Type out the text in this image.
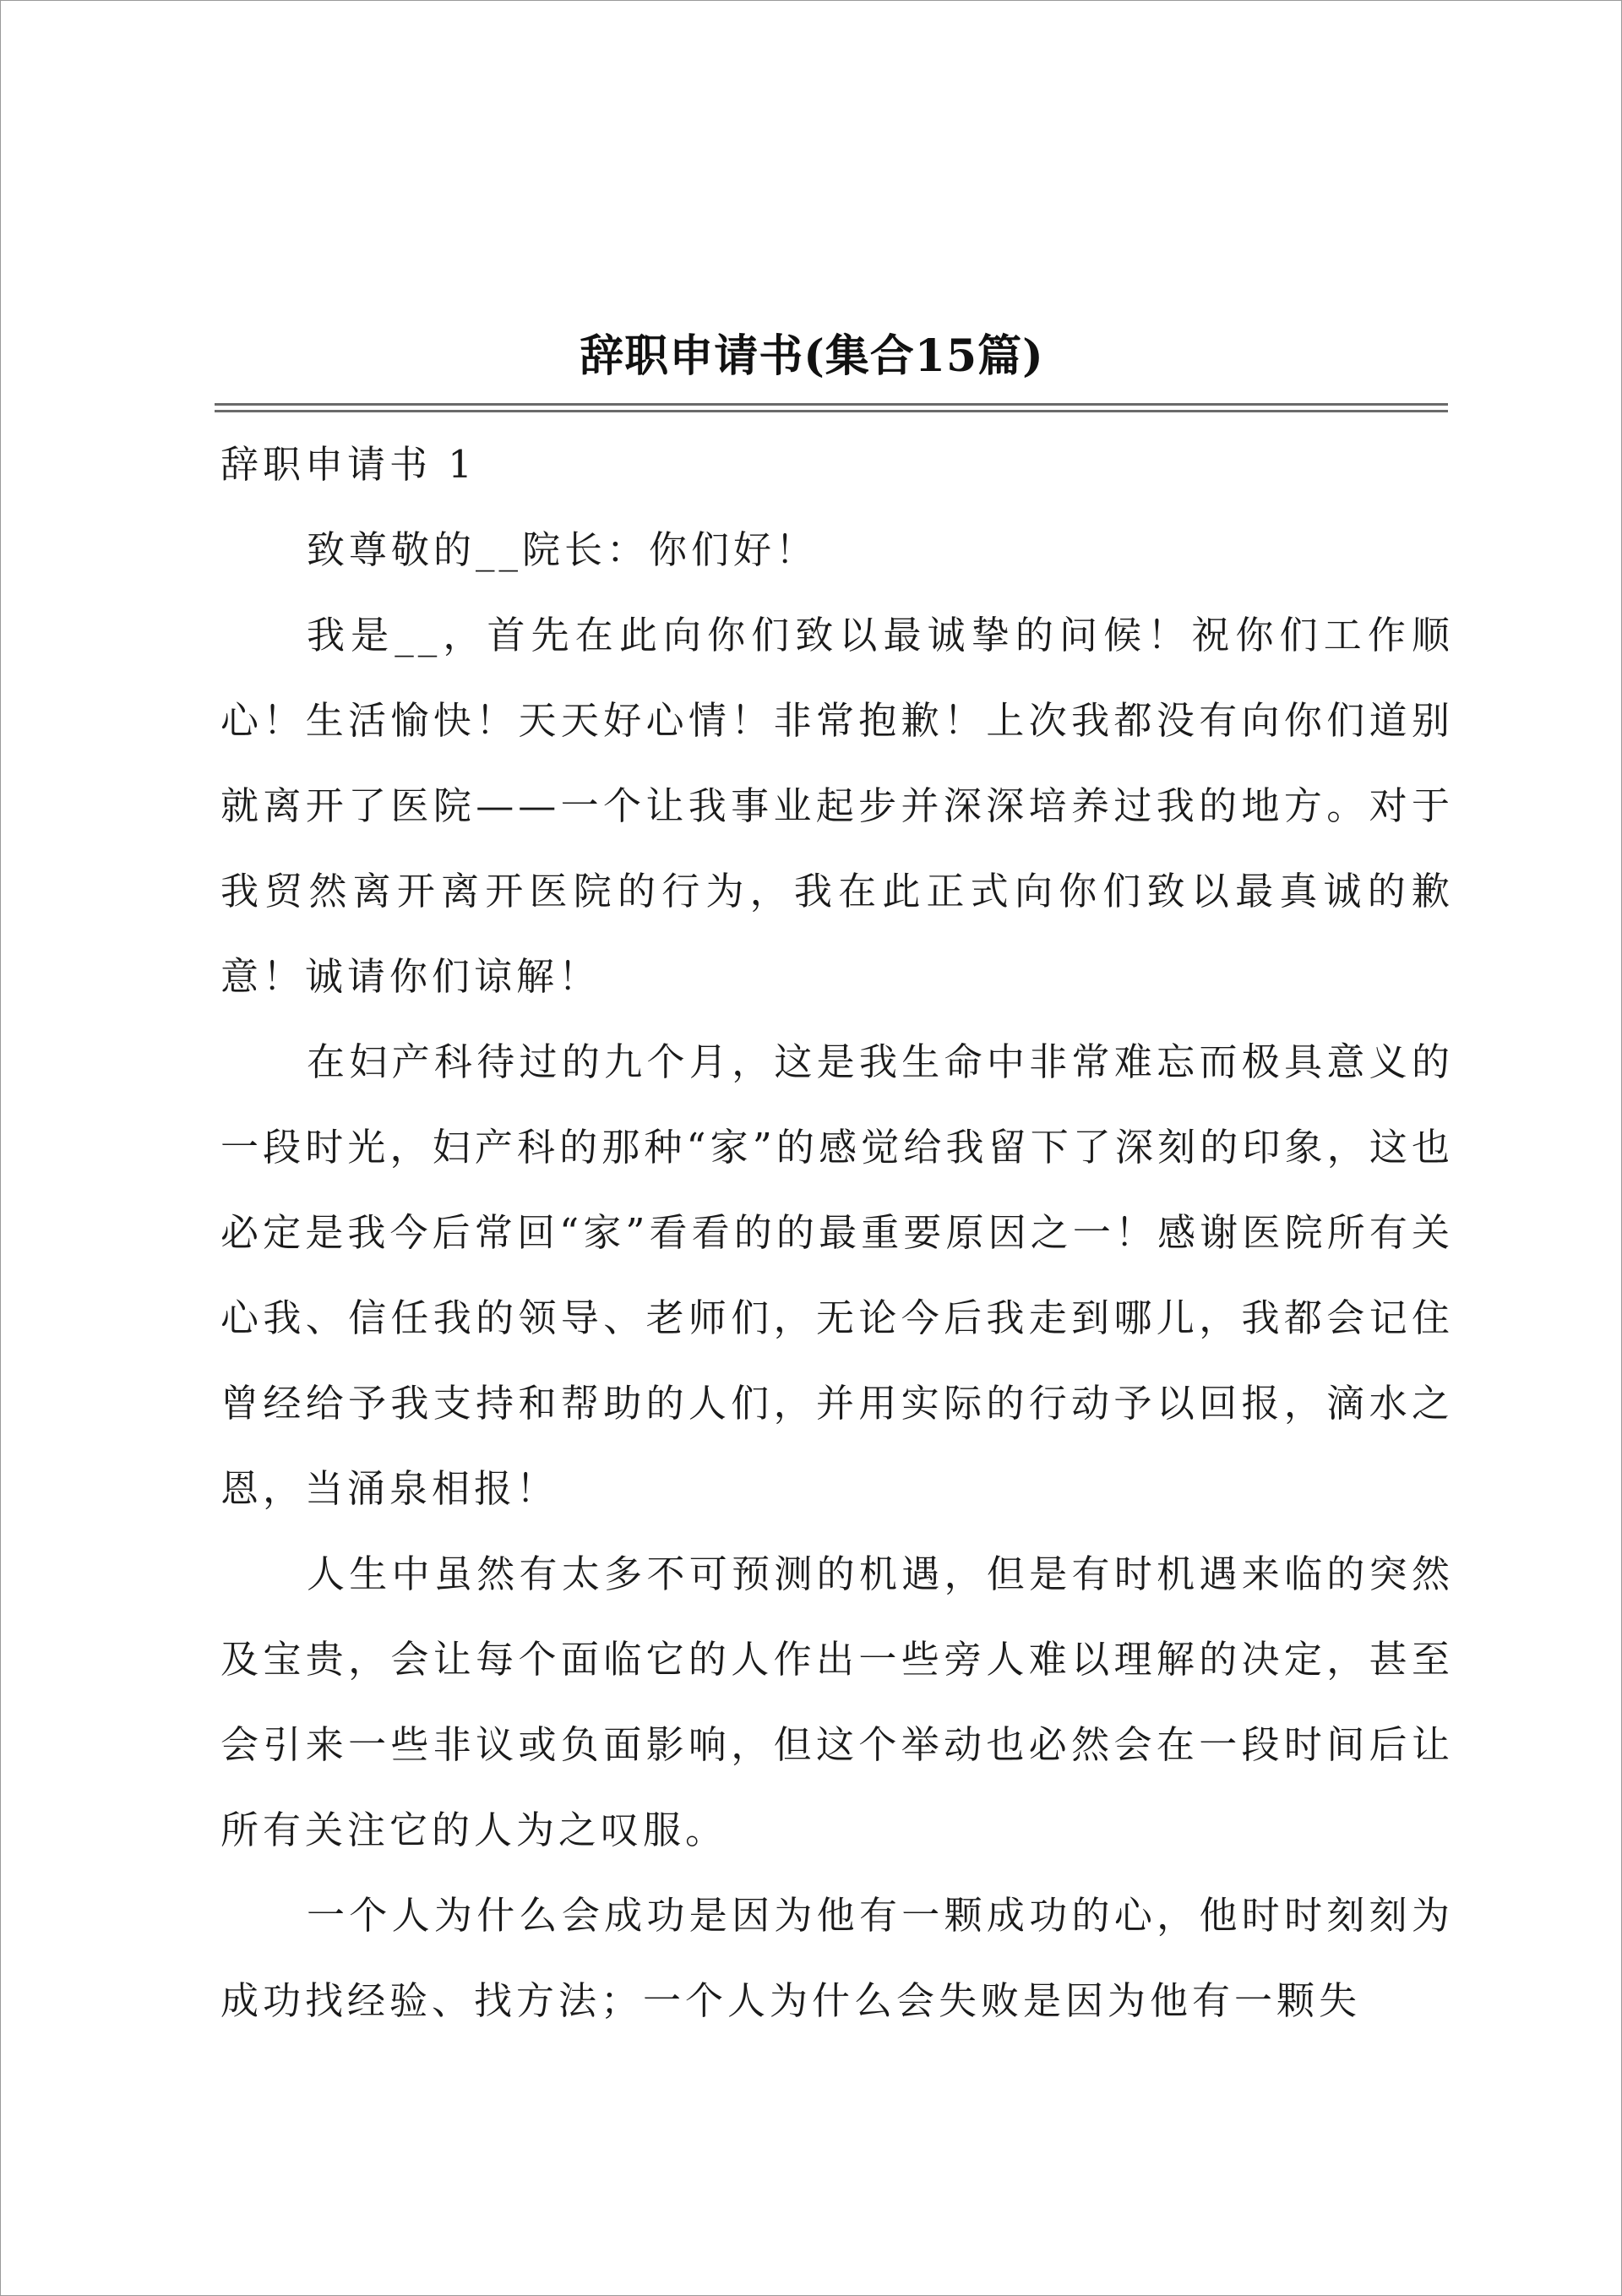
辞职申请书(集合15篇)

辞职申请书 1

致尊敬的__院长：你们好！

我是__，首先在此向你们致以最诚挚的问候！祝你们工作顺心！生活愉快！天天好心情！非常抱歉！上次我都没有向你们道别就离开了医院——一个让我事业起步并深深培养过我的地方。对于我贸然离开离开医院的行为，我在此正式向你们致以最真诚的歉意！诚请你们谅解！

在妇产科待过的九个月，这是我生命中非常难忘而极具意义的一段时光，妇产科的那种“家”的感觉给我留下了深刻的印象，这也必定是我今后常回“家”看看的的最重要原因之一！感谢医院所有关心我、信任我的领导、老师们，无论今后我走到哪儿，我都会记住曾经给予我支持和帮助的人们，并用实际的行动予以回报，滴水之恩，当涌泉相报！

人生中虽然有太多不可预测的机遇，但是有时机遇来临的突然及宝贵，会让每个面临它的人作出一些旁人难以理解的决定，甚至会引来一些非议或负面影响，但这个举动也必然会在一段时间后让所有关注它的人为之叹服。

一个人为什么会成功是因为他有一颗成功的心，他时时刻刻为成功找经验、找方法；一个人为什么会失败是因为他有一颗失
